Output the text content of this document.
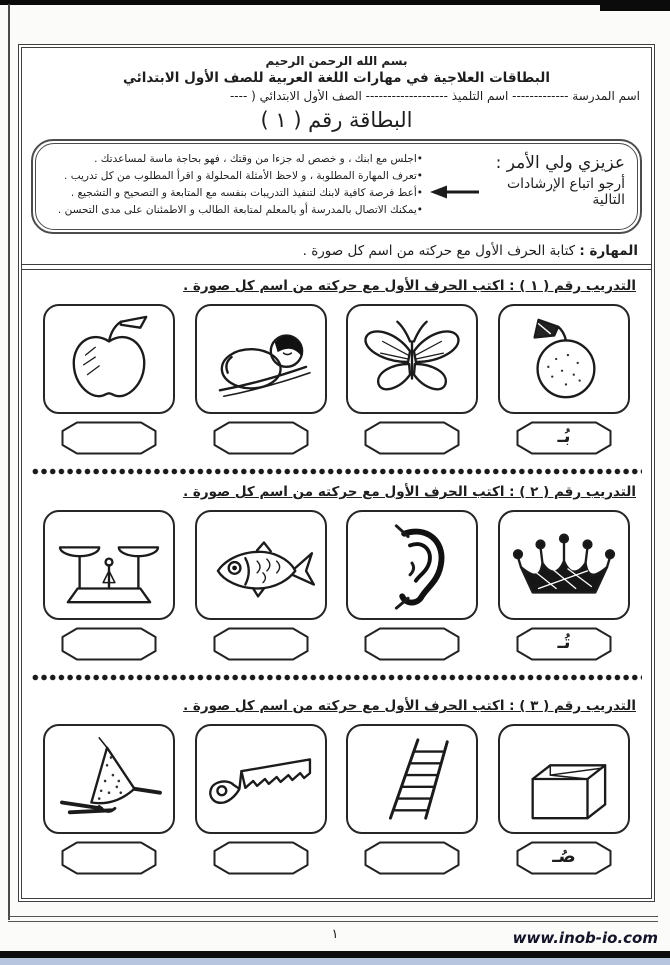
بسم الله الرحمن الرحيم
البطاقات العلاجية في مهارات اللغة العربية للصف الأول الابتدائي
اسم المدرسة ------------- اسم التلميذ ------------------- الصف الأول الابتدائي ( ----
البطاقة رقم ( ١ )
عزيزي ولي الأمر :
أرجو اتباع الإرشادات التالية
•اجلس مع ابنك ، و خصص له جزءا من وقتك ، فهو بحاجة ماسة لمساعدتك .
•تعرف المهارة المطلوبة ، و لاحظ الأمثلة المحلولة و اقرأ المطلوب من كل تدريب .
•أعط فرصة كافية لابنك لتنفيذ التدريبات بنفسه مع المتابعة و التصحيح و التشجيع .
•يمكنك الاتصال بالمدرسة أو بالمعلم لمتابعة الطالب و الاطمئنان على مدى التحسن .
المهارة : كتابة الحرف الأول مع حركته من اسم كل صورة .
التدريب رقم ( ١ ) : اكتب الحرف الأول مع حركته من اسم كل صورة .
بُـ
التدريب رقم ( ٢ ) : اكتب الحرف الأول مع حركته من اسم كل صورة .
تُـ
التدريب رقم ( ٣ ) : اكتب الحرف الأول مع حركته من اسم كل صورة .
صُـ
١	www.inob-io.com
